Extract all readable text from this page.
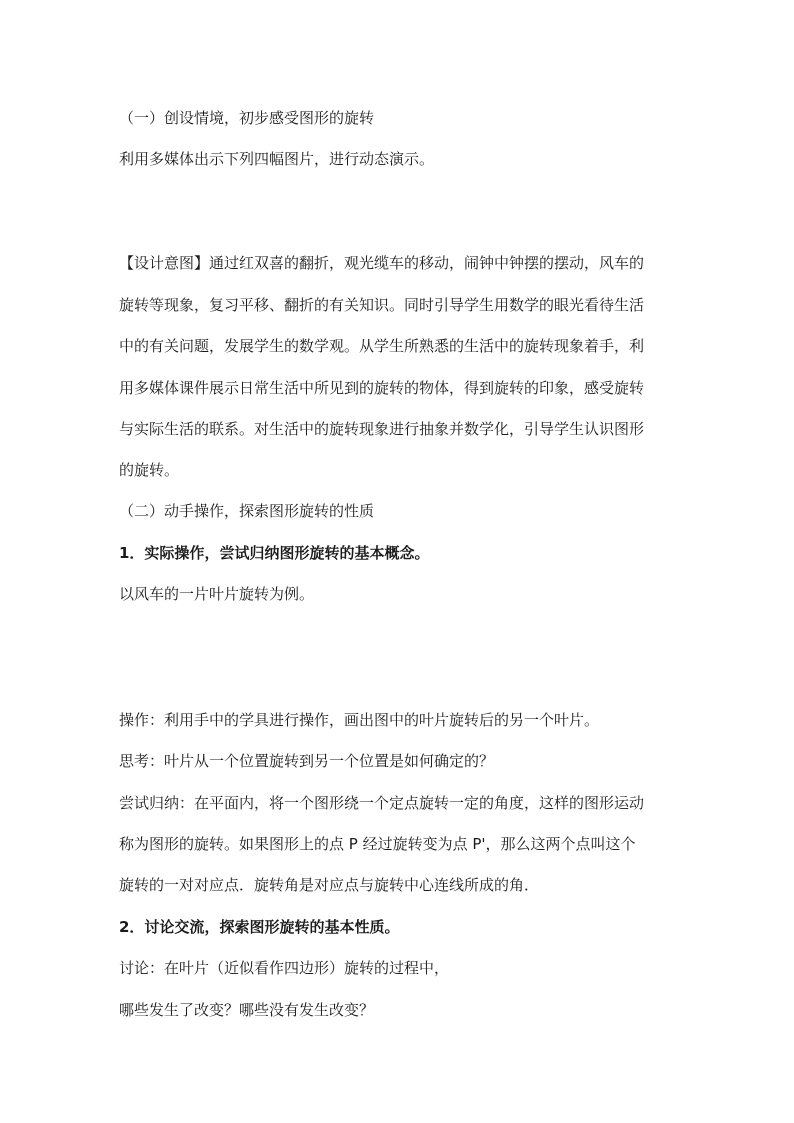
（一）创设情境，初步感受图形的旋转
利用多媒体出示下列四幅图片，进行动态演示。
【设计意图】通过红双喜的翻折，观光缆车的移动，闹钟中钟摆的摆动，风车的
旋转等现象，复习平移、翻折的有关知识。同时引导学生用数学的眼光看待生活
中的有关问题，发展学生的数学观。从学生所熟悉的生活中的旋转现象着手，利
用多媒体课件展示日常生活中所见到的旋转的物体，得到旋转的印象，感受旋转
与实际生活的联系。对生活中的旋转现象进行抽象并数学化，引导学生认识图形
的旋转。
（二）动手操作，探索图形旋转的性质
1．实际操作，尝试归纳图形旋转的基本概念。
以风车的一片叶片旋转为例。
操作：利用手中的学具进行操作，画出图中的叶片旋转后的另一个叶片。
思考：叶片从一个位置旋转到另一个位置是如何确定的？
尝试归纳：在平面内，将一个图形绕一个定点旋转一定的角度，这样的图形运动
称为图形的旋转。如果图形上的点 P 经过旋转变为点 P'，那么这两个点叫这个
旋转的一对对应点．旋转角是对应点与旋转中心连线所成的角．
2．讨论交流，探索图形旋转的基本性质。
讨论：在叶片（近似看作四边形）旋转的过程中，
哪些发生了改变？哪些没有发生改变？
